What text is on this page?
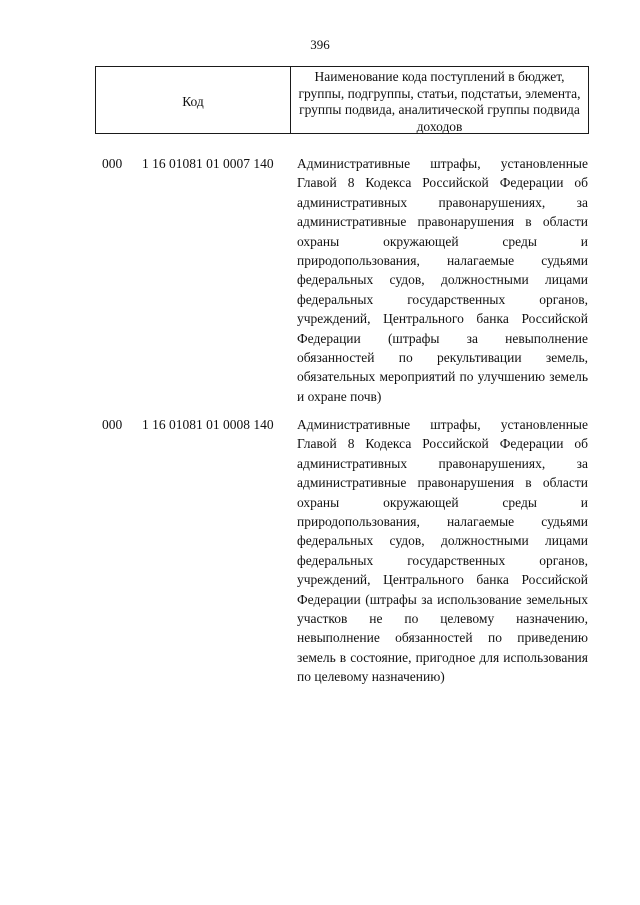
396
Код
Наименование кода поступлений в бюджет, группы, подгруппы, статьи, подстатьи, элемента, группы подвида, аналитической группы подвида доходов
000 1 16 01081 01 0007 140 Административные штрафы, установленные Главой 8 Кодекса Российской Федерации об административных правонарушениях, за административные правонарушения в области охраны окружающей среды и природопользования, налагаемые судьями федеральных судов, должностными лицами федеральных государственных органов, учреждений, Центрального банка Российской Федерации (штрафы за невыполнение обязанностей по рекультивации земель, обязательных мероприятий по улучшению земель и охране почв)
000 1 16 01081 01 0008 140 Административные штрафы, установленные Главой 8 Кодекса Российской Федерации об административных правонарушениях, за административные правонарушения в области охраны окружающей среды и природопользования, налагаемые судьями федеральных судов, должностными лицами федеральных государственных органов, учреждений, Центрального банка Российской Федерации (штрафы за использование земельных участков не по целевому назначению, невыполнение обязанностей по приведению земель в состояние, пригодное для использования по целевому назначению)
